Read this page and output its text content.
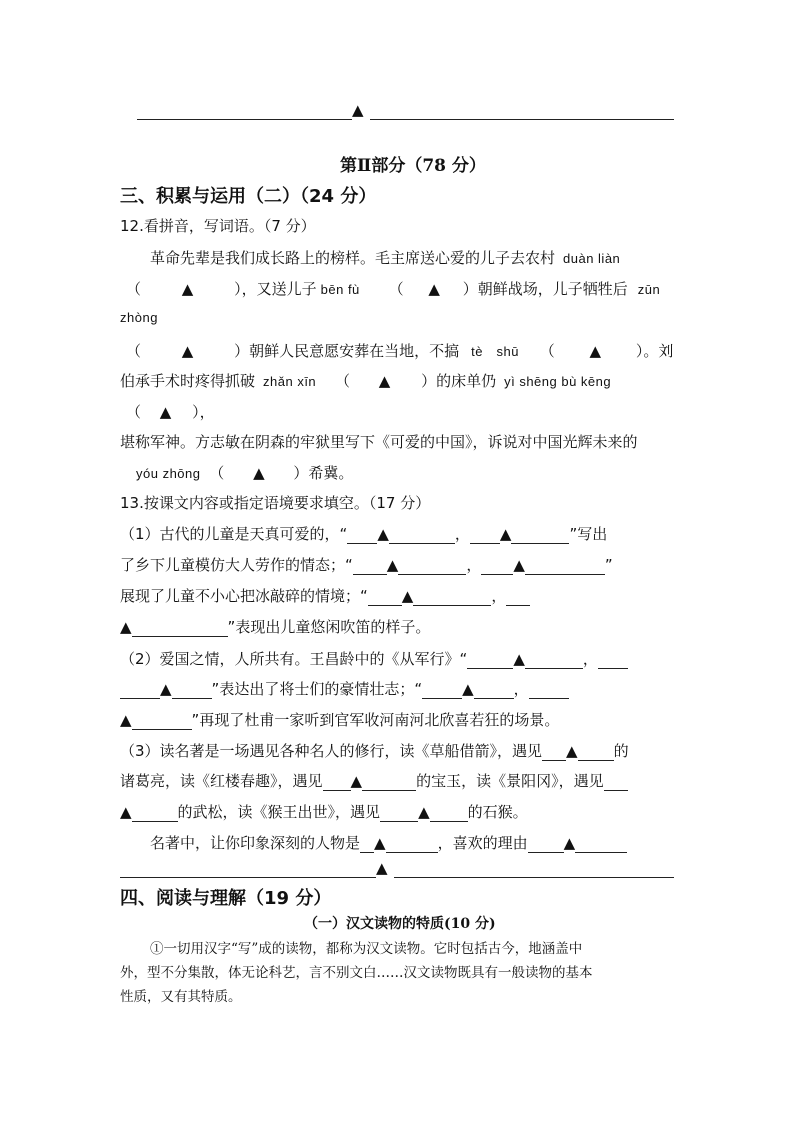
▲
第Ⅱ部分（78 分）
三、积累与运用（二）（24 分）
12.看拼音，写词语。（7 分）
革命先辈是我们成长路上的榜样。毛主席送心爱的儿子去农村 duàn liàn
（	▲	），又送儿子 bēn fù （ ▲ ）朝鲜战场，儿子牺牲后 zūn
zhòng
（	▲	）朝鲜人民意愿安葬在当地，不搞 tè　shū （ ▲ ）。刘
伯承手术时疼得抓破 zhǎn xīn （ ▲ ）的床单仍 yì shēng bù kēng
（ ▲ ），
堪称军神。方志敏在阴森的牢狱里写下《可爱的中国》，诉说对中国光辉未来的
yóu zhōng （ ▲ ）希冀。
13.按课文内容或指定语境要求填空。（17 分）
（1）古代的儿童是天真可爱的，“ ▲	， ▲	”写出
了乡下儿童模仿大人劳作的情态；“ ▲	， ▲	”
展现了儿童不小心把冰敲碎的情境；“ ▲	，
▲	”表现出儿童悠闲吹笛的样子。
（2）爱国之情，人所共有。王昌龄中的《从军行》“	▲	，
▲	”表达出了将士们的豪情壮志；“	▲	，
▲	”再现了杜甫一家听到官军收河南河北欣喜若狂的场景。
（3）读名著是一场遇见各种名人的修行，读《草船借箭》，遇见 ▲ 的
诸葛亮，读《红楼春趣》，遇见 ▲	的宝玉，读《景阳冈》，遇见
▲	的武松，读《猴王出世》，遇见	▲	的石猴。
名著中，让你印象深刻的人物是 ▲	，喜欢的理由 ▲
▲
四、阅读与理解（19 分）
（一）汉文读物的特质(10 分)
①一切用汉字“写”成的读物，都称为汉文读物。它时包括古今，地涵盖中
外，型不分集散，体无论科艺，言不别文白……汉文读物既具有一般读物的基本
性质，又有其特质。
